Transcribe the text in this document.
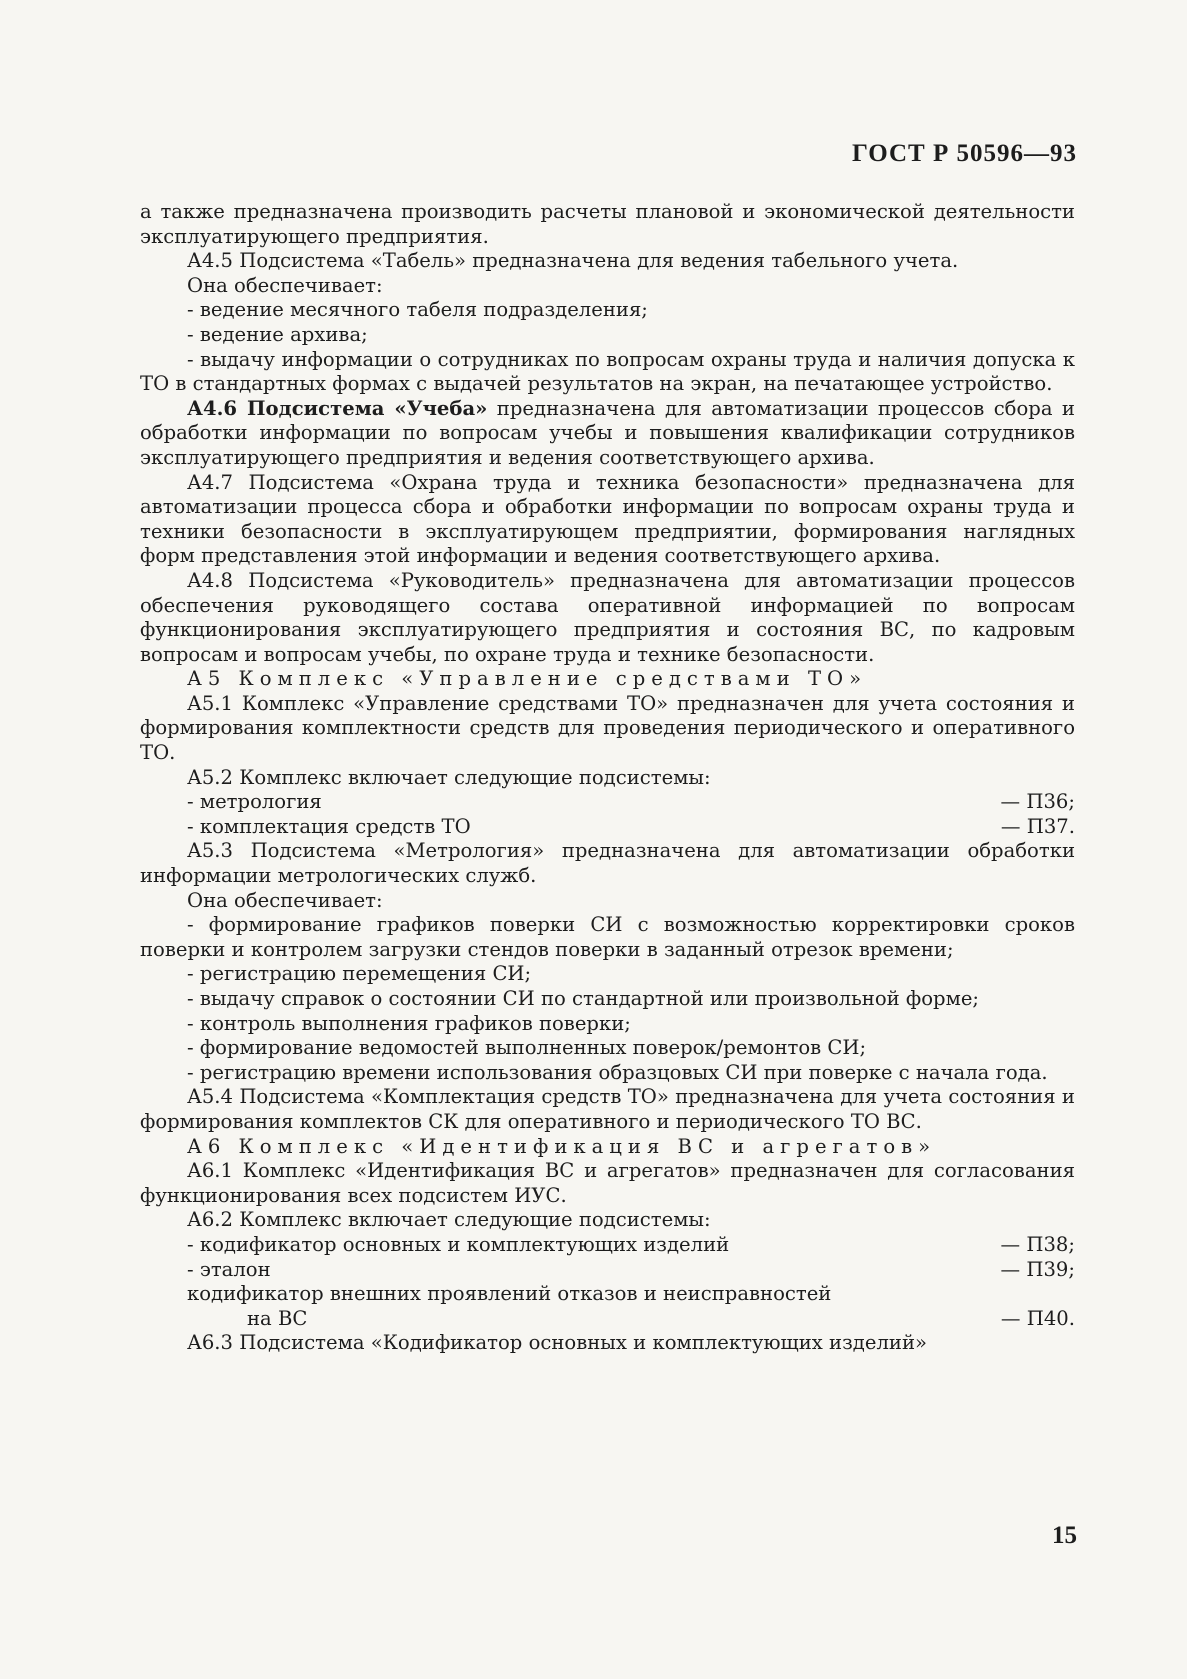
ГОСТ Р 50596—93

а также предназначена производить расчеты плановой и экономической деятельности эксплуатирующего предприятия.

А4.5 Подсистема «Табель» предназначена для ведения табельного учета.

Она обеспечивает:

- ведение месячного табеля подразделения;

- ведение архива;

- выдачу информации о сотрудниках по вопросам охраны труда и наличия допуска к ТО в стандартных формах с выдачей результатов на экран, на печатающее устройство.

А4.6 Подсистема «Учеба» предназначена для автоматизации процессов сбора и обработки информации по вопросам учебы и повышения квалификации сотрудников эксплуатирующего предприятия и ведения соответствующего архива.

А4.7 Подсистема «Охрана труда и техника безопасности» предназначена для автоматизации процесса сбора и обработки информации по вопросам охраны труда и техники безопасности в эксплуатирующем предприятии, формирования наглядных форм представления этой информации и ведения соответствующего архива.

А4.8 Подсистема «Руководитель» предназначена для автоматизации процессов обеспечения руководящего состава оперативной информацией по вопросам функционирования эксплуатирующего предприятия и состояния ВС, по кадровым вопросам и вопросам учебы, по охране труда и технике безопасности.

А5 Комплекс «Управление средствами ТО»

А5.1 Комплекс «Управление средствами ТО» предназначен для учета состояния и формирования комплектности средств для проведения периодического и оперативного ТО.

А5.2 Комплекс включает следующие подсистемы:

- метрология	— П36;
- комплектация средств ТО	— П37.

А5.3 Подсистема «Метрология» предназначена для автоматизации обработки информации метрологических служб.

Она обеспечивает:

- формирование графиков поверки СИ с возможностью корректировки сроков поверки и контролем загрузки стендов поверки в заданный отрезок времени;

- регистрацию перемещения СИ;

- выдачу справок о состоянии СИ по стандартной или произвольной форме;

- контроль выполнения графиков поверки;

- формирование ведомостей выполненных поверок/ремонтов СИ;

- регистрацию времени использования образцовых СИ при поверке с начала года.

А5.4 Подсистема «Комплектация средств ТО» предназначена для учета состояния и формирования комплектов СК для оперативного и периодического ТО ВС.

А6 Комплекс «Идентификация ВС и агрегатов»

А6.1 Комплекс «Идентификация ВС и агрегатов» предназначен для согласования функционирования всех подсистем ИУС.

А6.2 Комплекс включает следующие подсистемы:

- кодификатор основных и комплектующих изделий	— П38;
- эталон	— П39;

кодификатор внешних проявлений отказов и неисправностей

на ВС	— П40.

А6.3 Подсистема «Кодификатор основных и комплектующих изделий»

15
